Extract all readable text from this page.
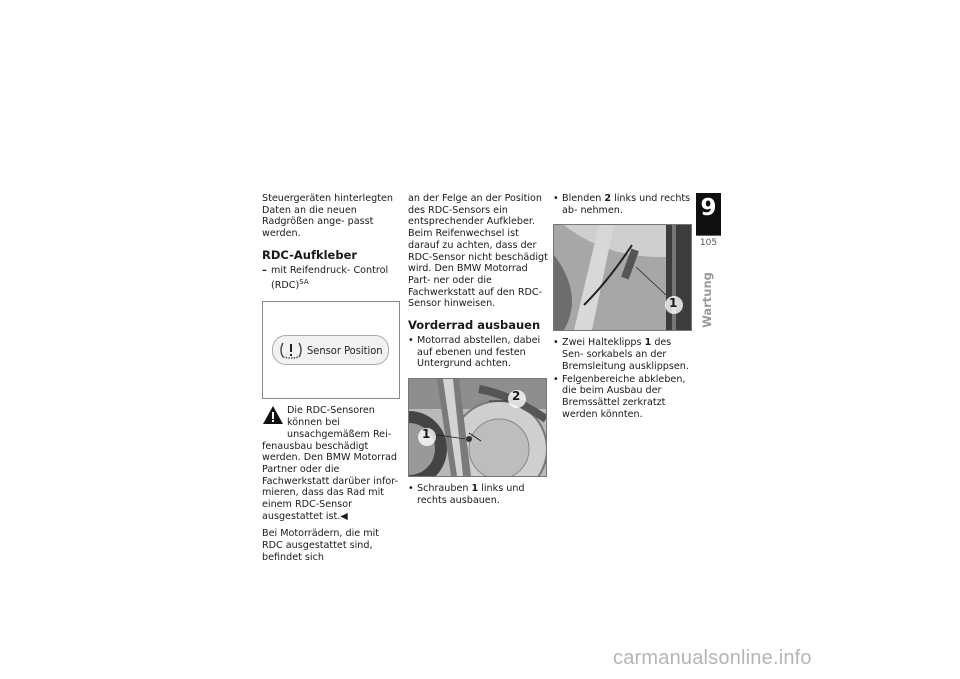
Steuergeräten hinterlegten Daten an die neuen Radgrößen ange- passt werden.

RDC-Aufkleber
– mit Reifendruck- Control (RDC)$^{SA}$
Sensor Position
Die RDC-Sensoren können bei unsachgemäßem Rei- fenausbau beschädigt werden. Den BMW Motorrad Partner oder die Fachwerkstatt darüber infor- mieren, dass das Rad mit einem RDC-Sensor ausgestattet ist.◀

Bei Motorrädern, die mit RDC ausgestattet sind, befindet sich

an der Felge an der Position des RDC-Sensors ein entsprechender Aufkleber. Beim Reifenwechsel ist darauf zu achten, dass der RDC-Sensor nicht beschädigt wird. Den BMW Motorrad Part- ner oder die Fachwerkstatt auf den RDC-Sensor hinweisen.

Vorderrad ausbauen
• Motorrad abstellen, dabei auf ebenen und festen Untergrund achten.
1
2
• Schrauben 1 links und rechts ausbauen.
• Blenden 2 links und rechts ab- nehmen.
1
• Zwei Halteklipps 1 des Sen- sorkabels an der Bremsleitung ausklippsen.
• Felgenbereiche abkleben, die beim Ausbau der Bremssättel zerkratzt werden könnten.
9
105
Wartung
carmanualsonline.info
